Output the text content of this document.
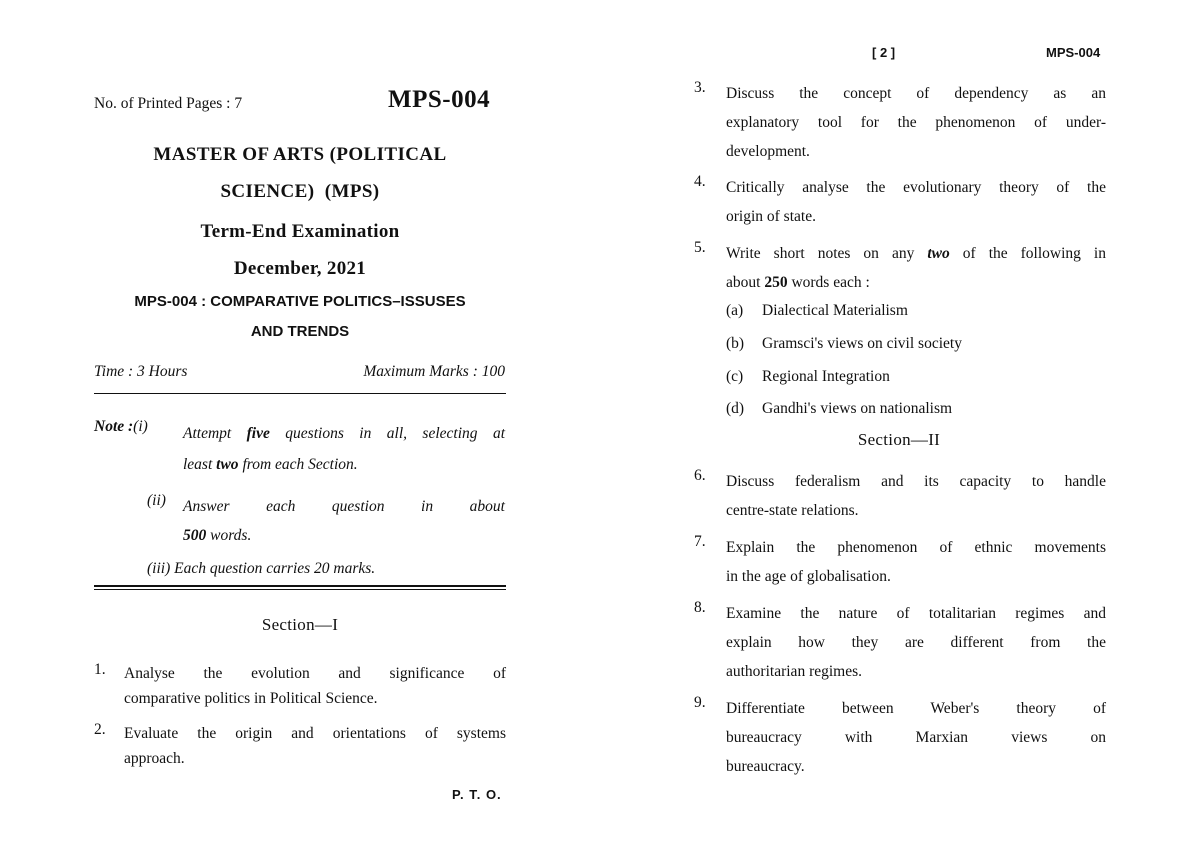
No. of Printed Pages : 7	MPS-004
MASTER OF ARTS (POLITICAL
SCIENCE)  (MPS)
Term-End Examination
December, 2021
MPS-004 : COMPARATIVE POLITICS–ISSUSES
AND TRENDS
Time : 3 Hours	Maximum Marks : 100
Note :(i) Attempt five questions in all, selecting at
least two from each Section.
(ii) Answer each question in about
500 words.
(iii) Each question carries 20 marks.
Section—I
1. Analyse the evolution and significance of
comparative politics in Political Science.
2. Evaluate the origin and orientations of systems
approach.
P. T. O.
[ 2 ]	MPS-004
3. Discuss the concept of dependency as an
explanatory tool for the phenomenon of under-
development.
4. Critically analyse the evolutionary theory of the
origin of state.
5. Write short notes on any two of the following in
about 250 words each :
(a) Dialectical Materialism
(b) Gramsci's views on civil society
(c) Regional Integration
(d) Gandhi's views on nationalism
Section—II
6. Discuss federalism and its capacity to handle
centre-state relations.
7. Explain the phenomenon of ethnic movements
in the age of globalisation.
8. Examine the nature of totalitarian regimes and
explain how they are different from the
authoritarian regimes.
9. Differentiate between Weber's theory of
bureaucracy with Marxian views on
bureaucracy.
